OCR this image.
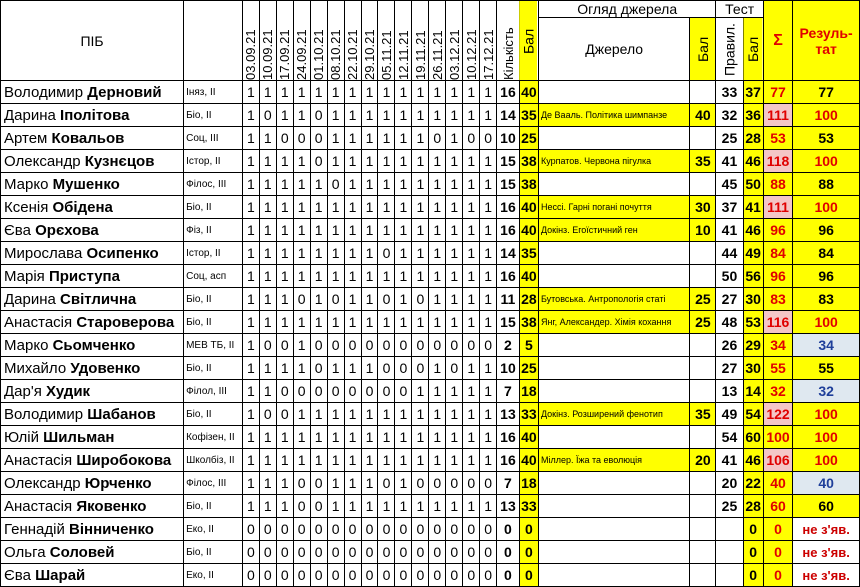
ПІБ		03.09.21	10.09.21	17.09.21	24.09.21	01.10.21	08.10.21	22.10.21	29.10.21	05.11.21	12.11.21	19.11.21	26.11.21	03.12.21	10.12.21	17.12.21	Кількість	Бал	Огляд джерела		Тест		Σ	Резуль-
тат
																			Джерело	Бал	Правил.	Бал		
Володимир Дерновий	Іняз, ІІ	1	1	1	1	1	1	1	1	1	1	1	1	1	1	1	16	40			33	37	77	77
Дарина Іполітова	Біо, ІІ	1	0	1	1	0	1	1	1	1	1	1	1	1	1	1	14	35	Де Вааль. Політика шимпанзе	40	32	36	111	100
Артем Ковальов	Соц, ІІІ	1	1	0	0	0	1	1	1	1	1	1	0	1	0	0	10	25			25	28	53	53
Олександр Кузнєцов	Істор, ІІ	1	1	1	1	0	1	1	1	1	1	1	1	1	1	1	15	38	Курпатов. Червона пігулка	35	41	46	118	100
Марко Мушенко	Філос, ІІІ	1	1	1	1	1	0	1	1	1	1	1	1	1	1	1	15	38			45	50	88	88
Ксенія Обідена	Біо, ІІ	1	1	1	1	1	1	1	1	1	1	1	1	1	1	1	16	40	Нессі. Гарні погані почуття	30	37	41	111	100
Єва Орєхова	Фіз, ІІ	1	1	1	1	1	1	1	1	1	1	1	1	1	1	1	16	40	Докінз. Егоїстичний ген	10	41	46	96	96
Мирослава Осипенко	Істор, ІІ	1	1	1	1	1	1	1	1	0	1	1	1	1	1	1	14	35			44	49	84	84
Марія Приступа	Соц, асп	1	1	1	1	1	1	1	1	1	1	1	1	1	1	1	16	40			50	56	96	96
Дарина Світлична	Біо, ІІ	1	1	1	0	1	0	1	1	0	1	0	1	1	1	1	11	28	Бутовська. Антропологія статі	25	27	30	83	83
Анастасія Староверова	Біо, ІІ	1	1	1	1	1	1	1	1	1	1	1	1	1	1	1	15	38	Янг, Александер. Хімія кохання	25	48	53	116	100
Марко Сьомченко	МЕВ ТБ, ІІ	1	0	0	1	0	0	0	0	0	0	0	0	0	0	0	2	5			26	29	34	34
Михайло Удовенко	Біо, ІІ	1	1	1	1	0	1	1	1	0	0	0	1	0	1	1	10	25			27	30	55	55
Дар'я Худик	Філол, ІІІ	1	1	0	0	0	0	0	0	0	0	1	1	1	1	1	7	18			13	14	32	32
Володимир Шабанов	Біо, ІІ	1	0	0	1	1	1	1	1	1	1	1	1	1	1	1	13	33	Докінз. Розширений фенотип	35	49	54	122	100
Юлій Шильман	Кофізен, ІІ	1	1	1	1	1	1	1	1	1	1	1	1	1	1	1	16	40			54	60	100	100
Анастасія Широбокова	Школбіз, ІІ	1	1	1	1	1	1	1	1	1	1	1	1	1	1	1	16	40	Міллер. Їжа та еволюція	20	41	46	106	100
Олександр Юрченко	Філос, ІІІ	1	1	1	0	0	1	1	1	0	1	0	0	0	0	0	7	18			20	22	40	40
Анастасія Яковенко	Біо, ІІ	1	1	1	0	0	1	1	1	1	1	1	1	1	1	1	13	33			25	28	60	60
Геннадій Вінниченко	Еко, ІІ	0	0	0	0	0	0	0	0	0	0	0	0	0	0	0	0	0				0	0	не з'яв.
Ольга Соловей	Біо, ІІ	0	0	0	0	0	0	0	0	0	0	0	0	0	0	0	0	0				0	0	не з'яв.
Єва Шарай	Еко, ІІ	0	0	0	0	0	0	0	0	0	0	0	0	0	0	0	0	0				0	0	не з'яв.
